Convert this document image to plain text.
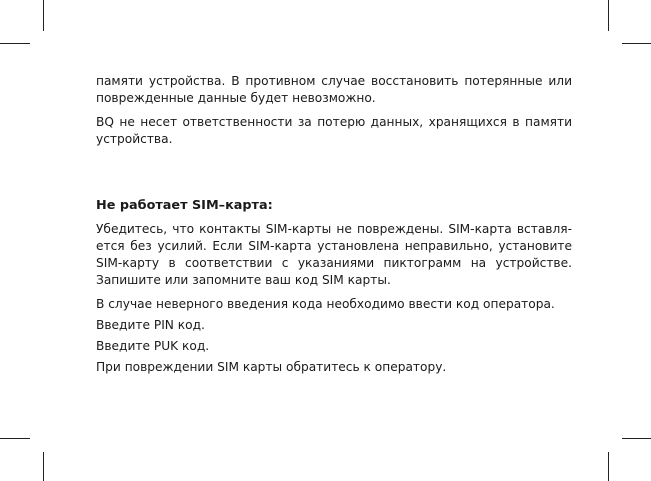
памяти устройства. В противном случае восстановить потерянные или
поврежденные данные будет невозможно.
BQ не несет ответственности за потерю данных, хранящихся в памяти
устройства.
Не работает SIM–карта:
Убедитесь, что контакты SIM-карты не повреждены. SIM-карта вставля-
ется без усилий. Если SIM-карта установлена неправильно, установите
SIM-карту в соответствии с указаниями пиктограмм на устройстве.
Запишите или запомните ваш код SIM карты.
В случае неверного введения кода необходимо ввести код оператора.
Введите PIN код.
Введите PUK код.
При повреждении SIM карты обратитесь к оператору.
